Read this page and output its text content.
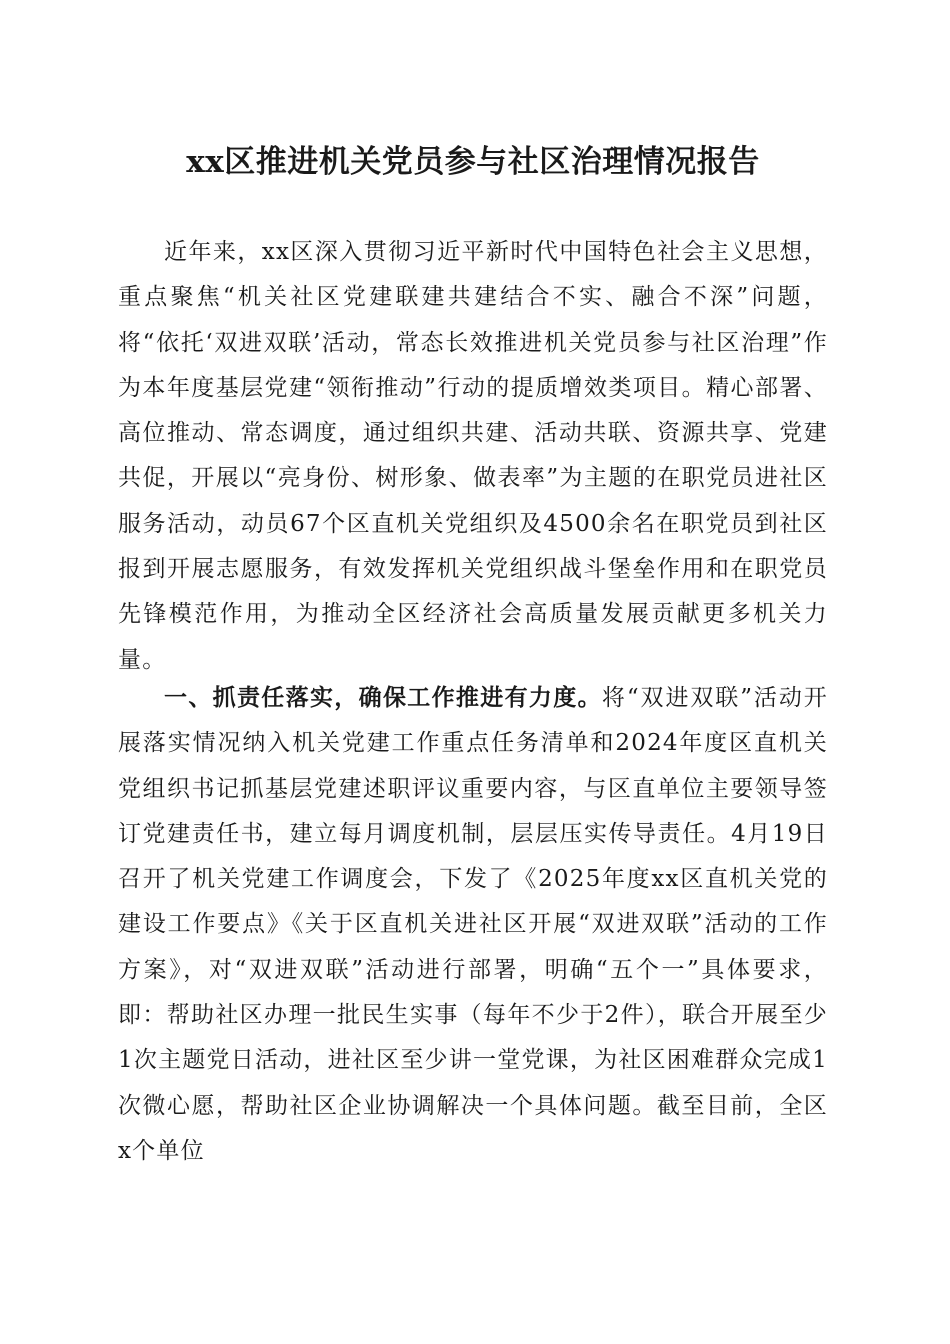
xx区推进机关党员参与社区治理情况报告

近年来，xx区深入贯彻习近平新时代中国特色社会主义思想，重点聚焦“机关社区党建联建共建结合不实、融合不深”问题，将“依托‘双进双联’活动，常态长效推进机关党员参与社区治理”作为本年度基层党建“领衔推动”行动的提质增效类项目。精心部署、高位推动、常态调度，通过组织共建、活动共联、资源共享、党建共促，开展以“亮身份、树形象、做表率”为主题的在职党员进社区服务活动，动员67个区直机关党组织及4500余名在职党员到社区报到开展志愿服务，有效发挥机关党组织战斗堡垒作用和在职党员先锋模范作用，为推动全区经济社会高质量发展贡献更多机关力量。

一、抓责任落实，确保工作推进有力度。将“双进双联”活动开展落实情况纳入机关党建工作重点任务清单和2024年度区直机关党组织书记抓基层党建述职评议重要内容，与区直单位主要领导签订党建责任书，建立每月调度机制，层层压实传导责任。4月19日召开了机关党建工作调度会，下发了《2025年度xx区直机关党的建设工作要点》《关于区直机关进社区开展“双进双联”活动的工作方案》，对“双进双联”活动进行部署，明确“五个一”具体要求，即：帮助社区办理一批民生实事（每年不少于2件），联合开展至少1次主题党日活动，进社区至少讲一堂党课，为社区困难群众完成1次微心愿，帮助社区企业协调解决一个具体问题。截至目前，全区x个单位
